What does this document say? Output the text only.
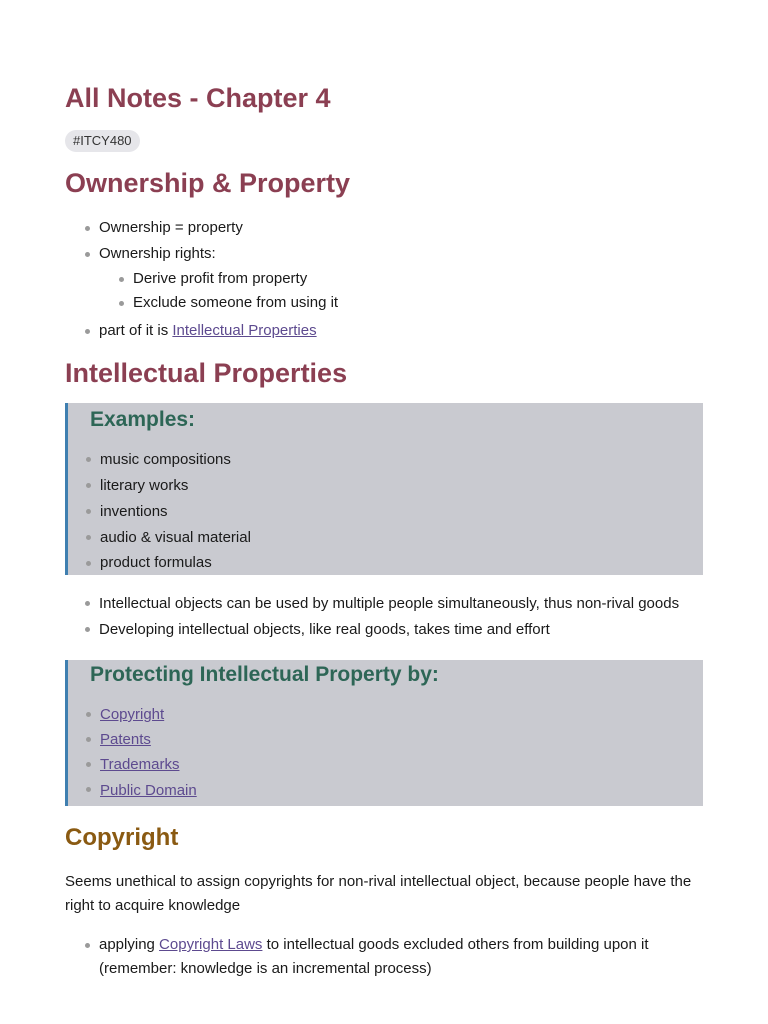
All Notes - Chapter 4
#ITCY480
Ownership & Property
Ownership = property
Ownership rights:
Derive profit from property
Exclude someone from using it
part of it is Intellectual Properties
Intellectual Properties
Examples:
music compositions
literary works
inventions
audio & visual material
product formulas
Intellectual objects can be used by multiple people simultaneously, thus non-rival goods
Developing intellectual objects, like real goods, takes time and effort
Protecting Intellectual Property by:
Copyright
Patents
Trademarks
Public Domain
Copyright

Seems unethical to assign copyrights for non-rival intellectual object, because people have the right to acquire knowledge

applying Copyright Laws to intellectual goods excluded others from building upon it (remember: knowledge is an incremental process)
